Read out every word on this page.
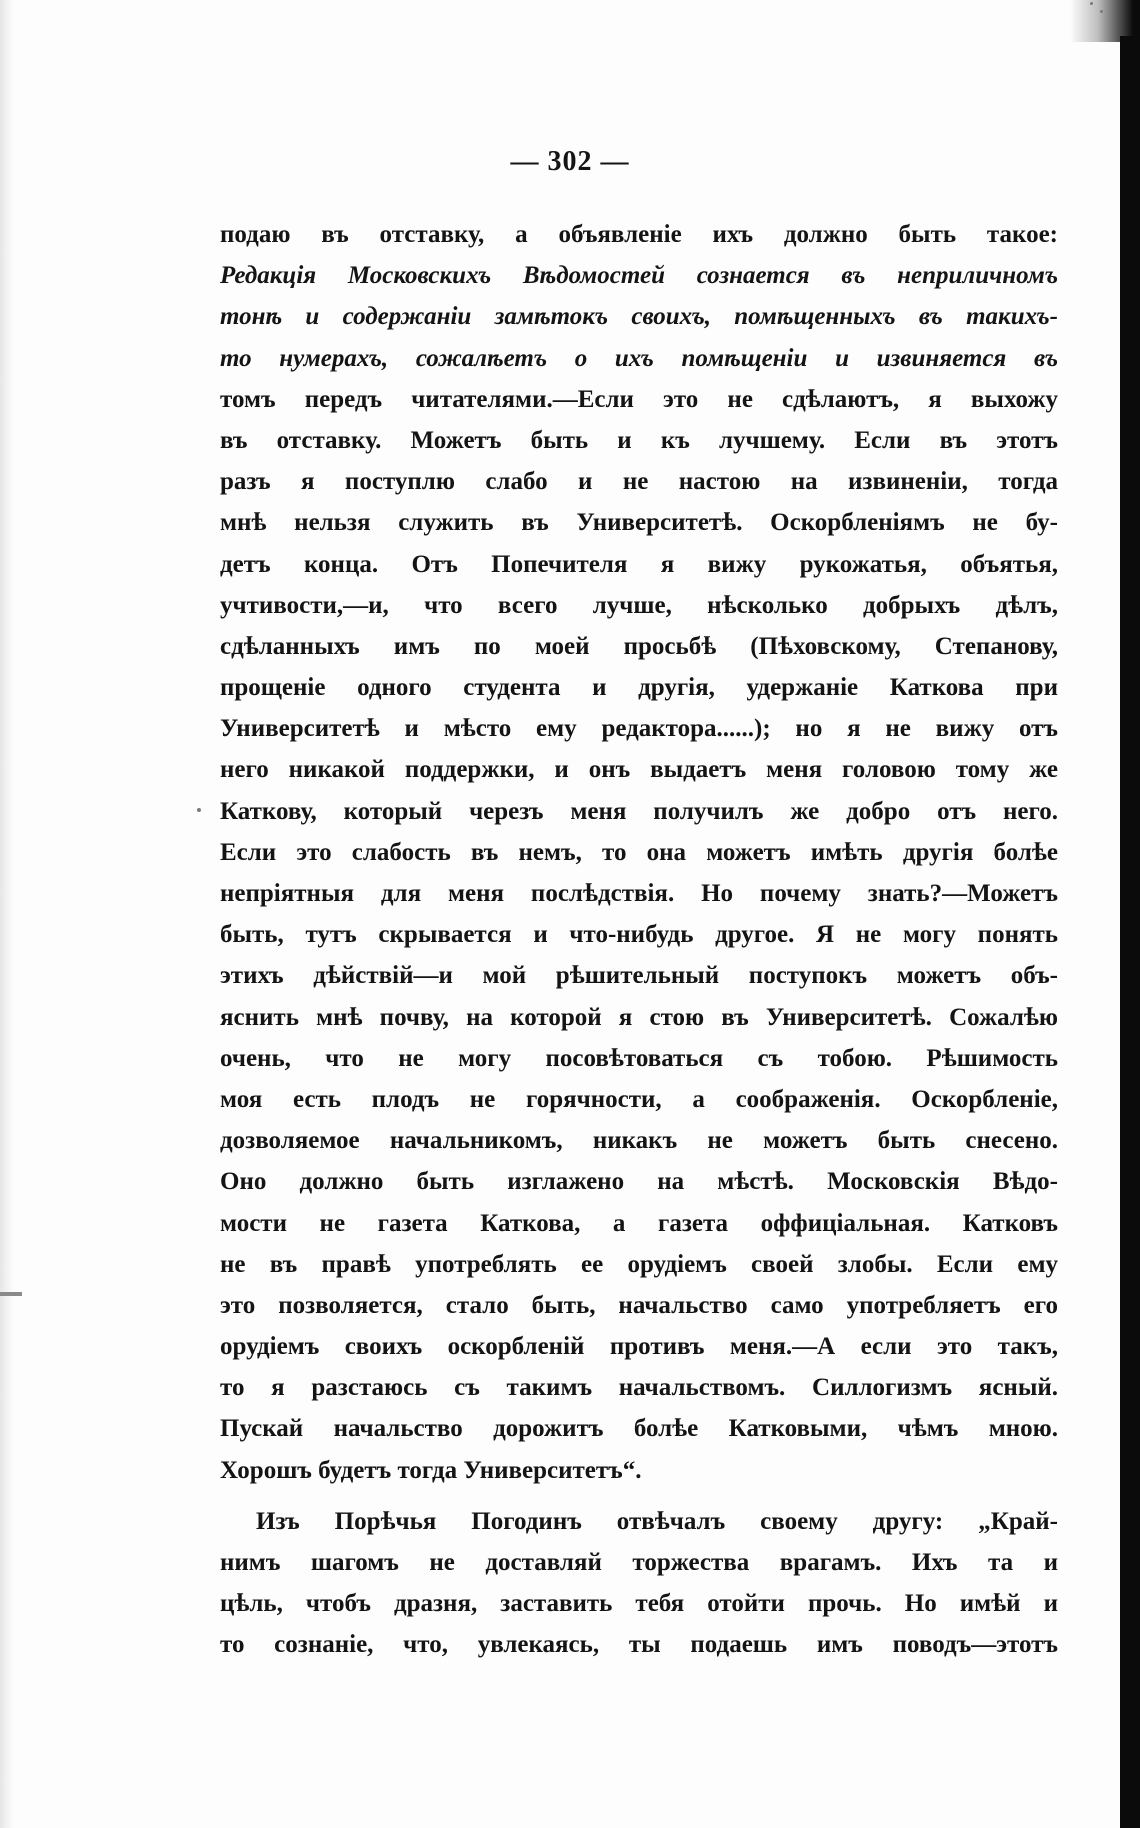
— 302 —
подаю въ отставку, а объявленіе ихъ должно быть такое:
Редакція Московскихъ Вѣдомостей сознается въ неприличномъ
тонѣ и содержаніи замѣтокъ своихъ, помѣщенныхъ въ такихъ-
то нумерахъ, сожалѣетъ о ихъ помѣщеніи и извиняется въ
томъ передъ читателями.—Если это не сдѣлаютъ, я выхожу
въ отставку. Можетъ быть и къ лучшему. Если въ этотъ
разъ я поступлю слабо и не настою на извиненіи, тогда
мнѣ нельзя служить въ Университетѣ. Оскорбленіямъ не бу-
детъ конца. Отъ Попечителя я вижу рукожатья, объятья,
учтивости,—и, что всего лучше, нѣсколько добрыхъ дѣлъ,
сдѣланныхъ имъ по моей просьбѣ (Пѣховскому, Степанову,
прощеніе одного студента и другія, удержаніе Каткова при
Университетѣ и мѣсто ему редактора......); но я не вижу отъ
него никакой поддержки, и онъ выдаетъ меня головою тому же
Каткову, который черезъ меня получилъ же добро отъ него.
Если это слабость въ немъ, то она можетъ имѣть другія болѣе
непріятныя для меня послѣдствія. Но почему знать?—Можетъ
быть, тутъ скрывается и что-нибудь другое. Я не могу понять
этихъ дѣйствій—и мой рѣшительный поступокъ можетъ объ-
яснить мнѣ почву, на которой я стою въ Университетѣ. Сожалѣю
очень, что не могу посовѣтоваться съ тобою. Рѣшимость
моя есть плодъ не горячности, а соображенія. Оскорбленіе,
дозволяемое начальникомъ, никакъ не можетъ быть снесено.
Оно должно быть изглажено на мѣстѣ. Московскія Вѣдо-
мости не газета Каткова, а газета оффиціальная. Катковъ
не въ правѣ употреблять ее орудіемъ своей злобы. Если ему
это позволяется, стало быть, начальство само употребляетъ его
орудіемъ своихъ оскорбленій противъ меня.—А если это такъ,
то я разстаюсь съ такимъ начальствомъ. Силлогизмъ ясный.
Пускай начальство дорожитъ болѣе Катковыми, чѣмъ мною.
Хорошъ будетъ тогда Университетъ“.
Изъ Порѣчья Погодинъ отвѣчалъ своему другу: „Край-
нимъ шагомъ не доставляй торжества врагамъ. Ихъ та и
цѣль, чтобъ дразня, заставить тебя отойти прочь. Но имѣй и
то сознаніе, что, увлекаясь, ты подаешь имъ поводъ—этотъ
